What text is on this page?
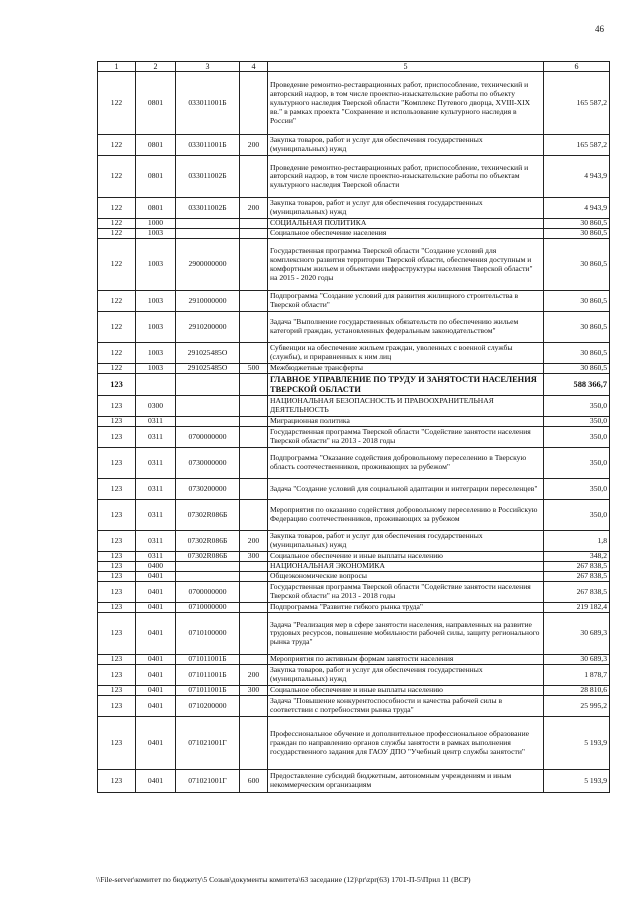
46
1	2	3	4	5	6
122	0801	033011001Б		Проведение ремонтно-реставрационных работ, приспособление, технический и авторский надзор, в том числе проектно-изыскательские работы по объекту культурного наследия Тверской области "Комплекс Путевого дворца, XVIII-XIX вв." в рамках проекта "Сохранение и использование культурного наследия в России"	165 587,2
122	0801	033011001Б	200	Закупка товаров, работ и услуг для обеспечения государственных (муниципальных) нужд	165 587,2
122	0801	033011002Б		Проведение ремонтно-реставрационных работ, приспособление, технический и авторский надзор, в том числе проектно-изыскательские работы по объектам культурного наследия Тверской области	4 943,9
122	0801	033011002Б	200	Закупка товаров, работ и услуг для обеспечения государственных (муниципальных) нужд	4 943,9
122	1000			СОЦИАЛЬНАЯ ПОЛИТИКА	30 860,5
122	1003			Социальное обеспечение населения	30 860,5
122	1003	2900000000		Государственная программа Тверской области "Создание условий для комплексного развития территории Тверской области, обеспечения доступным и комфортным жильем и объектами инфраструктуры населения Тверской области" на 2015 - 2020 годы	30 860,5
122	1003	2910000000		Подпрограмма "Создание условий для развития жилищного строительства в Тверской области"	30 860,5
122	1003	2910200000		Задача "Выполнение государственных обязательств по обеспечению жильем категорий граждан, установленных федеральным законодательством"	30 860,5
122	1003	291025485О		Субвенции на обеспечение жильем граждан, уволенных с военной службы (службы), и приравненных к ним лиц	30 860,5
122	1003	291025485О	500	Межбюджетные трансферты	30 860,5
123				ГЛАВНОЕ УПРАВЛЕНИЕ ПО ТРУДУ И ЗАНЯТОСТИ НАСЕЛЕНИЯ ТВЕРСКОЙ ОБЛАСТИ	588 366,7
123	0300			НАЦИОНАЛЬНАЯ БЕЗОПАСНОСТЬ И ПРАВООХРАНИТЕЛЬНАЯ ДЕЯТЕЛЬНОСТЬ	350,0
123	0311			Миграционная политика	350,0
123	0311	0700000000		Государственная программа Тверской области "Содействие занятости населения Тверской области" на 2013 - 2018 годы	350,0
123	0311	0730000000		Подпрограмма "Оказание содействия добровольному переселению в Тверскую область соотечественников, проживающих за рубежом"	350,0
123	0311	0730200000		Задача "Создание условий для социальной адаптации и интеграции переселенцев"	350,0
123	0311	07302R086Б		Мероприятия по оказанию содействия добровольному переселению в Российскую Федерацию соотечественников, проживающих за рубежом	350,0
123	0311	07302R086Б	200	Закупка товаров, работ и услуг для обеспечения государственных (муниципальных) нужд	1,8
123	0311	07302R086Б	300	Социальное обеспечение и иные выплаты населению	348,2
123	0400			НАЦИОНАЛЬНАЯ ЭКОНОМИКА	267 838,5
123	0401			Общеэкономические вопросы	267 838,5
123	0401	0700000000		Государственная программа Тверской области "Содействие занятости населения Тверской области" на 2013 - 2018 годы	267 838,5
123	0401	0710000000		Подпрограмма "Развитие гибкого рынка труда"	219 182,4
123	0401	0710100000		Задача "Реализация мер в сфере занятости населения, направленных на развитие трудовых ресурсов, повышение мобильности рабочей силы, защиту регионального рынка труда"	30 689,3
123	0401	071011001Б		Мероприятия по активным формам занятости населения	30 689,3
123	0401	071011001Б	200	Закупка товаров, работ и услуг для обеспечения государственных (муниципальных) нужд	1 878,7
123	0401	071011001Б	300	Социальное обеспечение и иные выплаты населению	28 810,6
123	0401	0710200000		Задача "Повышение конкурентоспособности и качества рабочей силы в соответствии с потребностями рынка труда"	25 995,2
123	0401	071021001Г		Профессиональное обучение и дополнительное профессиональное образование граждан по направлению органов службы занятости в рамках выполнения государственного задания для ГАОУ ДПО "Учебный центр службы занятости"	5 193,9
123	0401	071021001Г	600	Предоставление субсидий бюджетным, автономным учреждениям и иным некоммерческим организациям	5 193,9
\\File-server\комитет по бюджету\5 Созыв\документы комитета\63 заседание (12)\pr\zpr(63) 1701-П-5\Прил 11 (ВСР)
